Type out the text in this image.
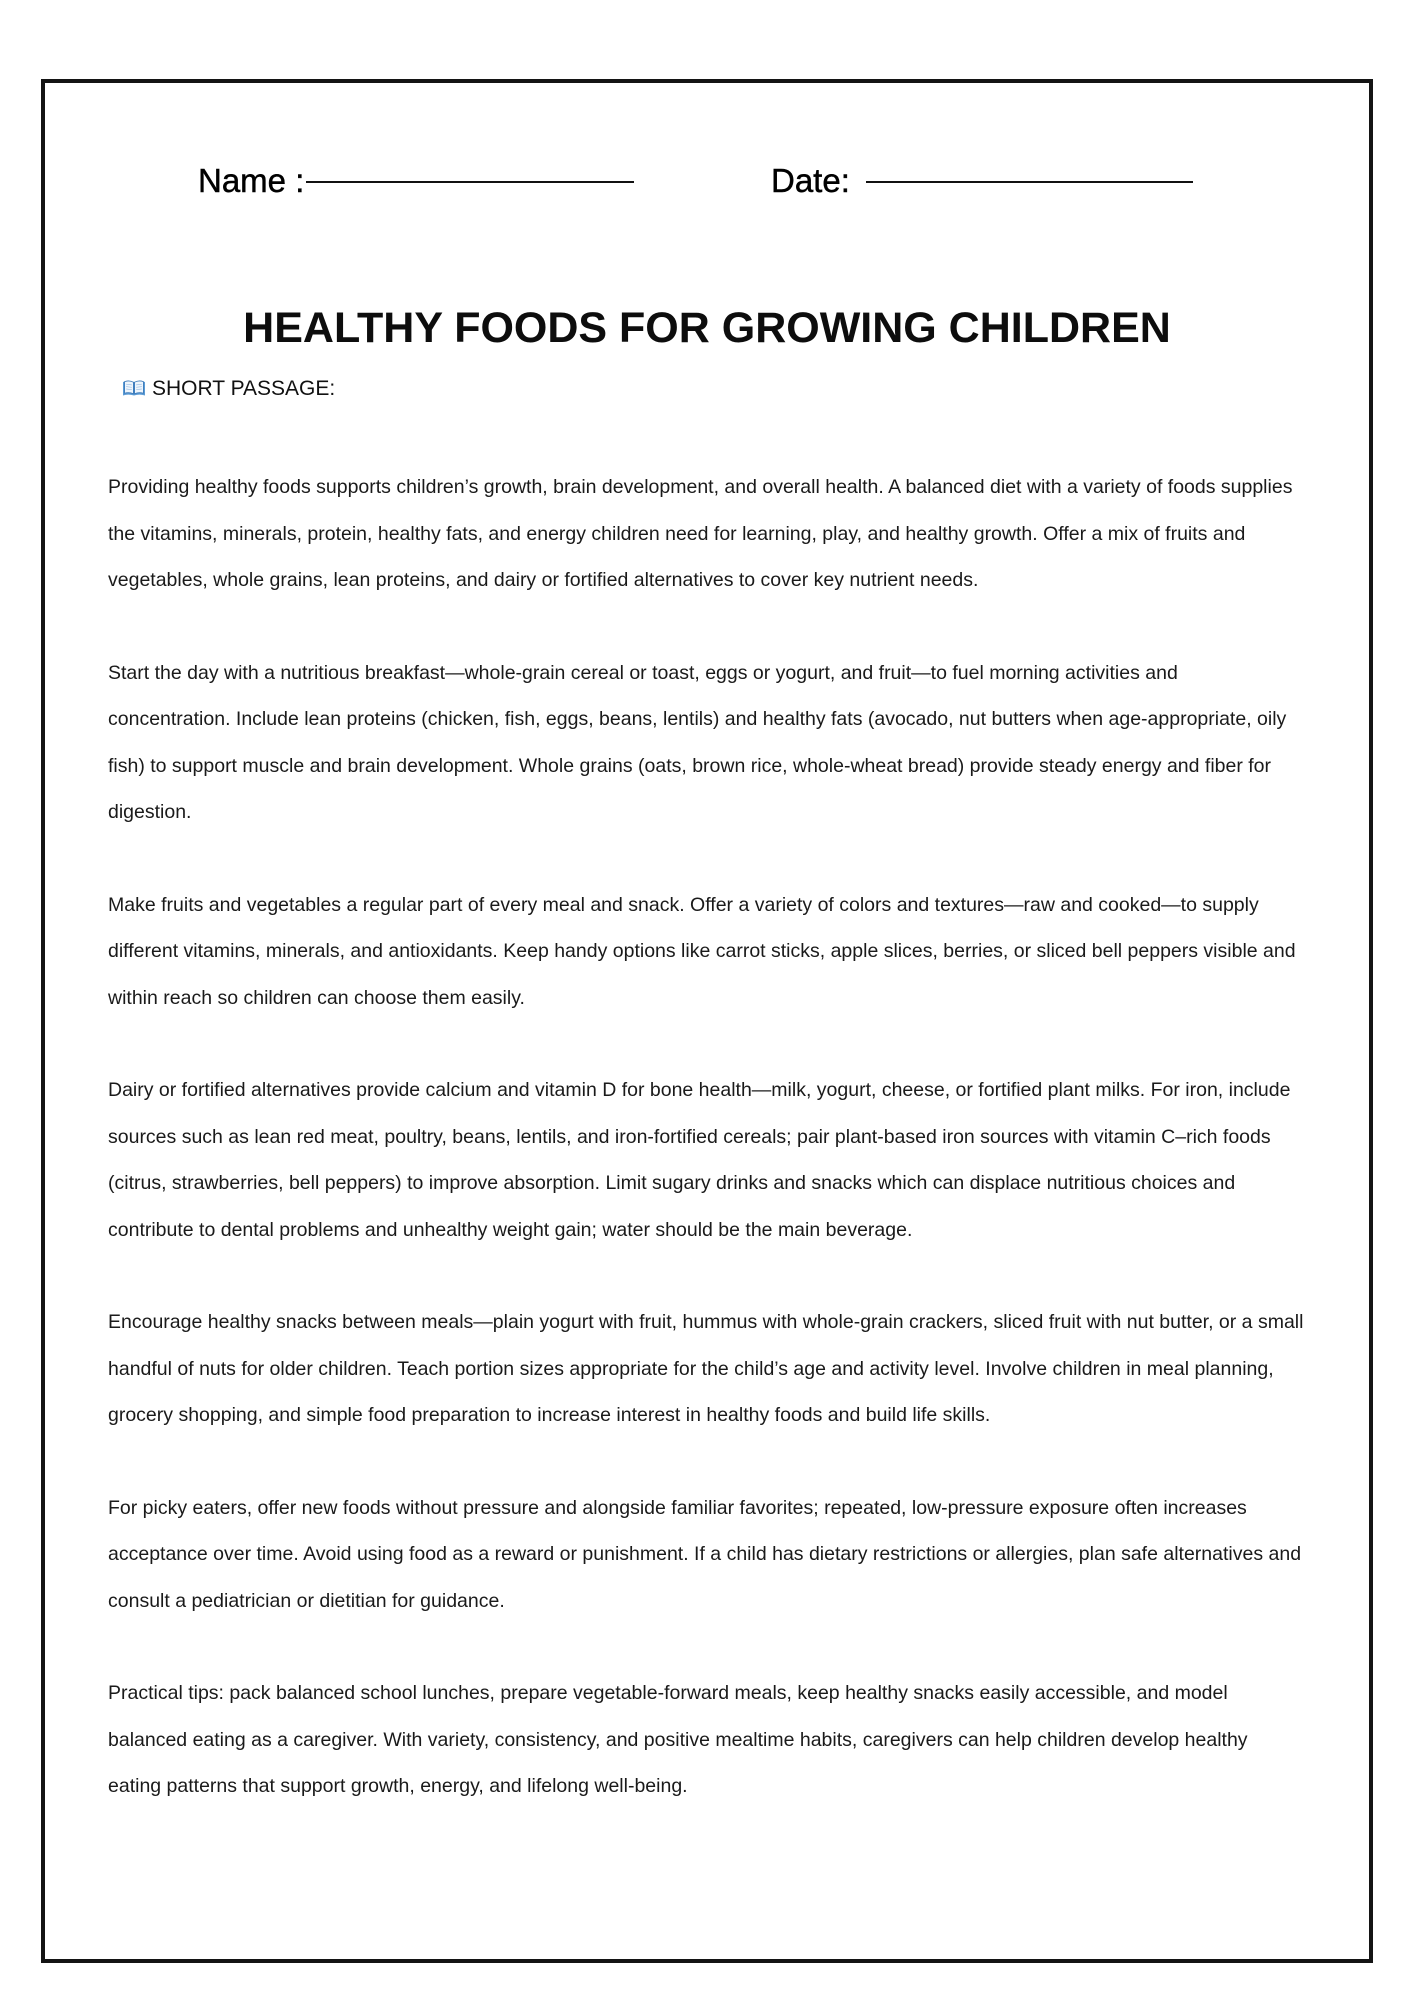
Name :	Date:
HEALTHY FOODS FOR GROWING CHILDREN
SHORT PASSAGE:

Providing healthy foods supports children’s growth, brain development, and overall health. A balanced diet with a variety of foods supplies the vitamins, minerals, protein, healthy fats, and energy children need for learning, play, and healthy growth. Offer a mix of fruits and vegetables, whole grains, lean proteins, and dairy or fortified alternatives to cover key nutrient needs.

Start the day with a nutritious breakfast—whole-grain cereal or toast, eggs or yogurt, and fruit—to fuel morning activities and concentration. Include lean proteins (chicken, fish, eggs, beans, lentils) and healthy fats (avocado, nut butters when age-appropriate, oily fish) to support muscle and brain development. Whole grains (oats, brown rice, whole-wheat bread) provide steady energy and fiber for digestion.

Make fruits and vegetables a regular part of every meal and snack. Offer a variety of colors and textures—raw and cooked—to supply different vitamins, minerals, and antioxidants. Keep handy options like carrot sticks, apple slices, berries, or sliced bell peppers visible and within reach so children can choose them easily.

Dairy or fortified alternatives provide calcium and vitamin D for bone health—milk, yogurt, cheese, or fortified plant milks. For iron, include sources such as lean red meat, poultry, beans, lentils, and iron-fortified cereals; pair plant-based iron sources with vitamin C–rich foods (citrus, strawberries, bell peppers) to improve absorption. Limit sugary drinks and snacks which can displace nutritious choices and contribute to dental problems and unhealthy weight gain; water should be the main beverage.

Encourage healthy snacks between meals—plain yogurt with fruit, hummus with whole-grain crackers, sliced fruit with nut butter, or a small handful of nuts for older children. Teach portion sizes appropriate for the child’s age and activity level. Involve children in meal planning, grocery shopping, and simple food preparation to increase interest in healthy foods and build life skills.

For picky eaters, offer new foods without pressure and alongside familiar favorites; repeated, low-pressure exposure often increases acceptance over time. Avoid using food as a reward or punishment. If a child has dietary restrictions or allergies, plan safe alternatives and consult a pediatrician or dietitian for guidance.

Practical tips: pack balanced school lunches, prepare vegetable-forward meals, keep healthy snacks easily accessible, and model balanced eating as a caregiver. With variety, consistency, and positive mealtime habits, caregivers can help children develop healthy eating patterns that support growth, energy, and lifelong well-being.
